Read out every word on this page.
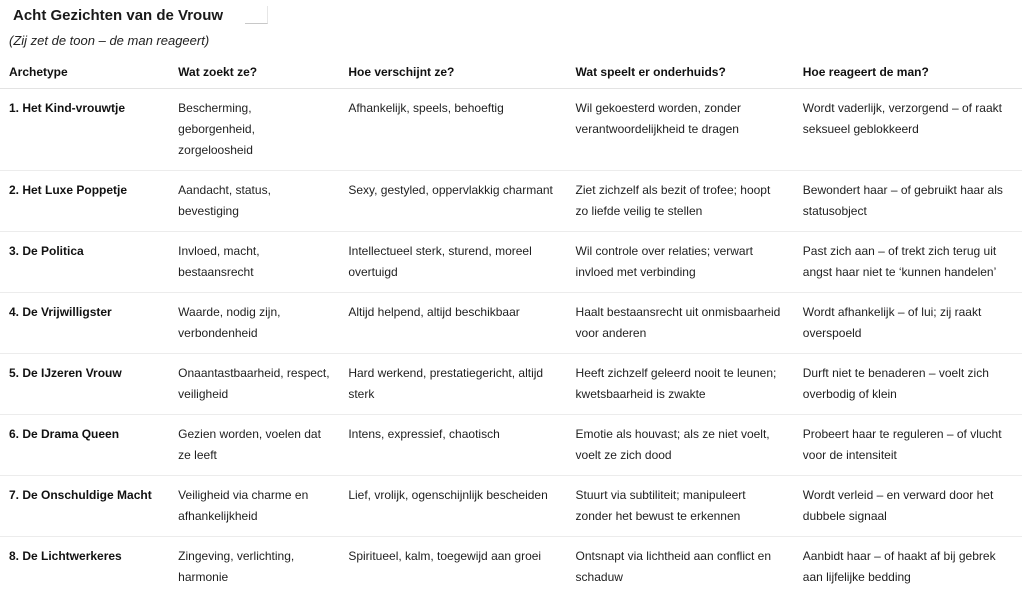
Acht Gezichten van de Vrouw
(Zij zet de toon – de man reageert)
Archetype	Wat zoekt ze?	Hoe verschijnt ze?	Wat speelt er onderhuids?	Hoe reageert de man?

1. Het Kind-vrouwtje	Bescherming, geborgenheid, zorgeloosheid	Afhankelijk, speels, behoeftig	Wil gekoesterd worden, zonder verantwoordelijkheid te dragen	Wordt vaderlijk, verzorgend – of raakt seksueel geblokkeerd

2. Het Luxe Poppetje	Aandacht, status, bevestiging	Sexy, gestyled, oppervlakkig charmant	Ziet zichzelf als bezit of trofee; hoopt zo liefde veilig te stellen	Bewondert haar – of gebruikt haar als statusobject

3. De Politica	Invloed, macht, bestaansrecht	Intellectueel sterk, sturend, moreel overtuigd	Wil controle over relaties; verwart invloed met verbinding	Past zich aan – of trekt zich terug uit angst haar niet te ‘kunnen handelen’

4. De Vrijwilligster	Waarde, nodig zijn, verbondenheid	Altijd helpend, altijd beschikbaar	Haalt bestaansrecht uit onmisbaarheid voor anderen	Wordt afhankelijk – of lui; zij raakt overspoeld

5. De IJzeren Vrouw	Onaantastbaarheid, respect, veiligheid	Hard werkend, prestatiegericht, altijd sterk	Heeft zichzelf geleerd nooit te leunen; kwetsbaarheid is zwakte	Durft niet te benaderen – voelt zich overbodig of klein

6. De Drama Queen	Gezien worden, voelen dat ze leeft	Intens, expressief, chaotisch	Emotie als houvast; als ze niet voelt, voelt ze zich dood	Probeert haar te reguleren – of vlucht voor de intensiteit

7. De Onschuldige Macht	Veiligheid via charme en afhankelijkheid	Lief, vrolijk, ogenschijnlijk bescheiden	Stuurt via subtiliteit; manipuleert zonder het bewust te erkennen	Wordt verleid – en verward door het dubbele signaal

8. De Lichtwerkeres	Zingeving, verlichting, harmonie	Spiritueel, kalm, toegewijd aan groei	Ontsnapt via lichtheid aan conflict en schaduw	Aanbidt haar – of haakt af bij gebrek aan lijfelijke bedding
